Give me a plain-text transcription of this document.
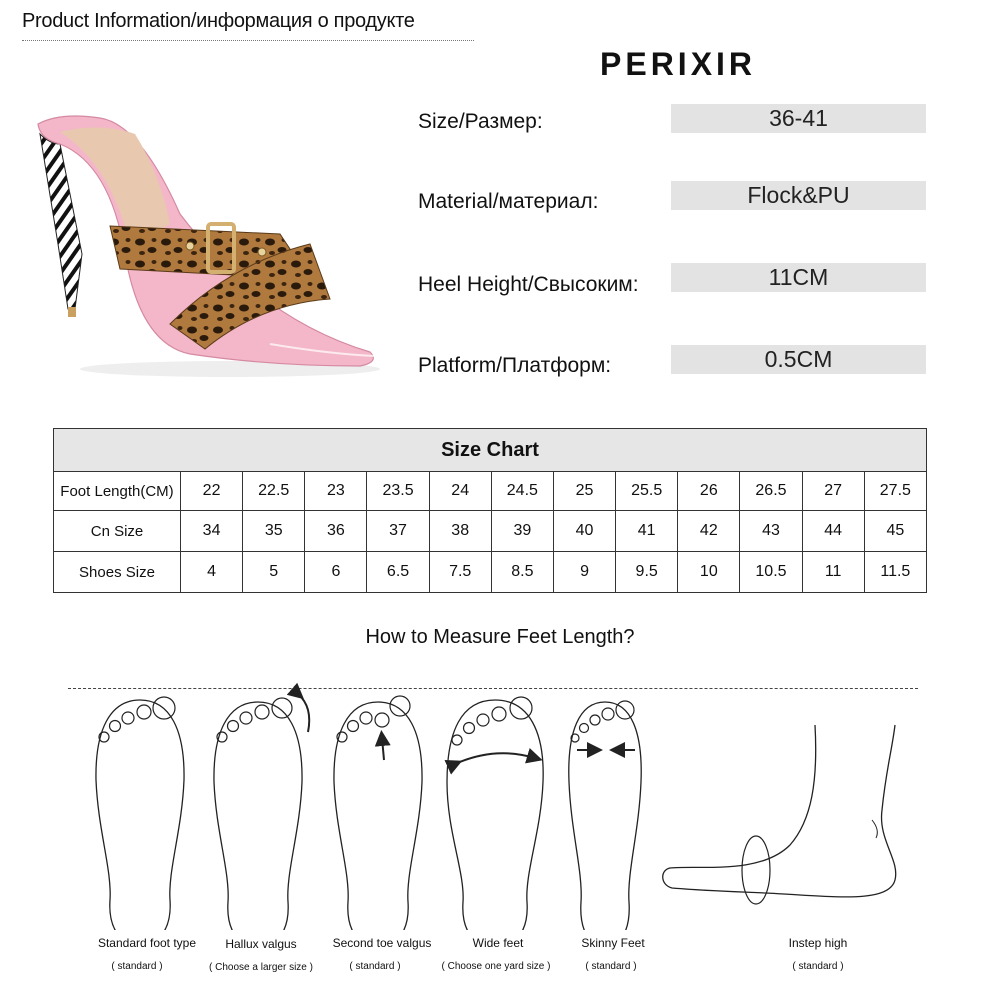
Product Information/информация о продукте
PERIXIR
Size/Размер:	36-41
Material/материал:	Flock&PU
Heel Height/Свысоким:	11CM
Platform/Платформ:	0.5CM
Size Chart												
Foot Length(CM)	22	22.5	23	23.5	24	24.5	25	25.5	26	26.5	27	27.5
Cn Size	34	35	36	37	38	39	40	41	42	43	44	45
Shoes Size	4	5	6	6.5	7.5	8.5	9	9.5	10	10.5	11	11.5
How to Measure Feet Length?
Standard foot type
( standard )
Hallux valgus
( Choose a larger size )
Second toe valgus
( standard )
Wide feet
( Choose one yard size )
Skinny Feet
( standard )
Instep high
( standard )
